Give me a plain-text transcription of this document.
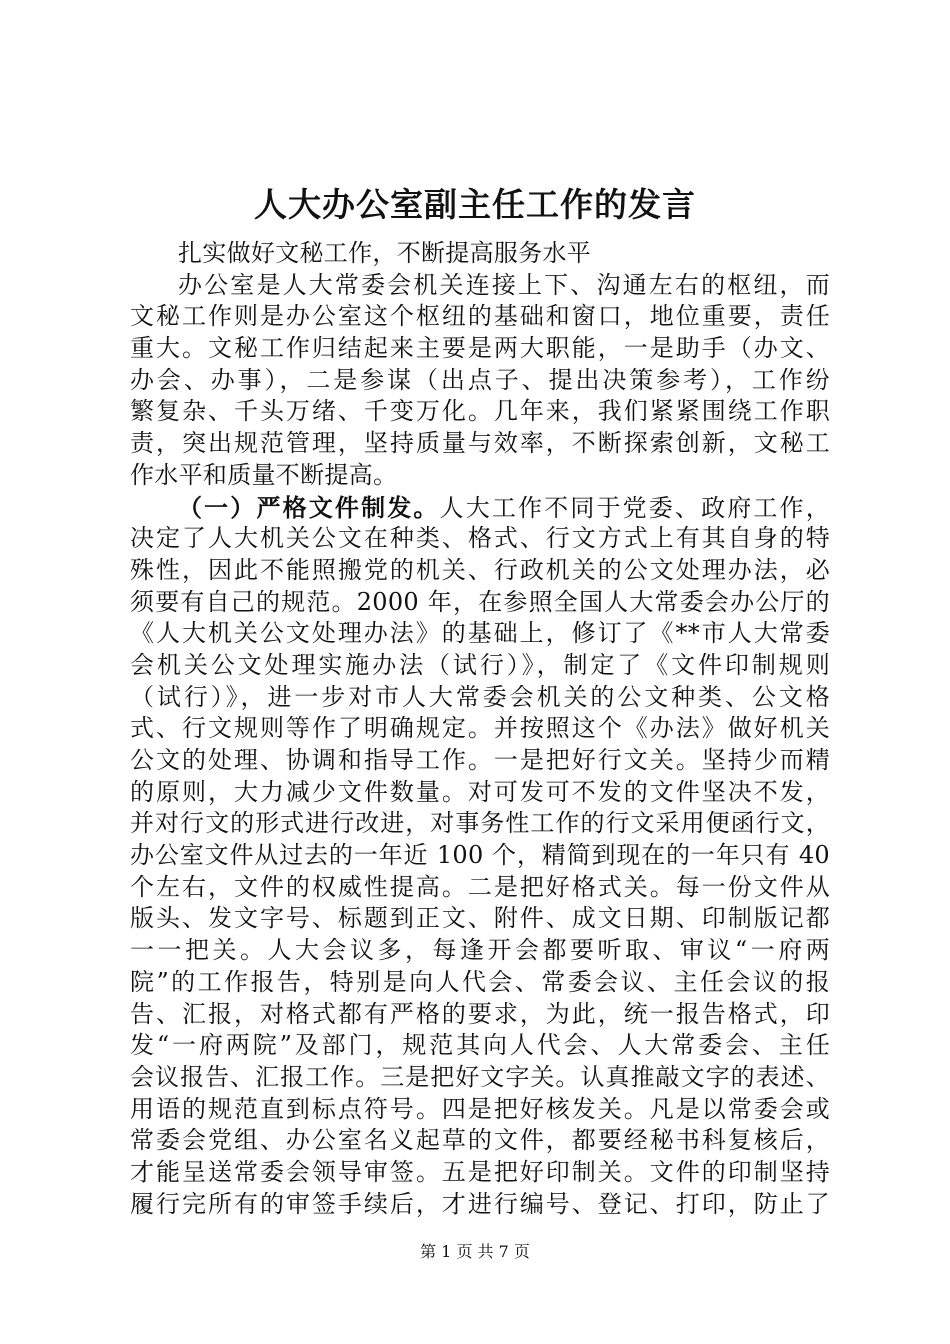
人大办公室副主任工作的发言

扎实做好文秘工作，不断提高服务水平

办公室是人大常委会机关连接上下、沟通左右的枢纽，而
文秘工作则是办公室这个枢纽的基础和窗口，地位重要，责任
重大。文秘工作归结起来主要是两大职能，一是助手（办文、
办会、办事），二是参谋（出点子、提出决策参考），工作纷
繁复杂、千头万绪、千变万化。几年来，我们紧紧围绕工作职
责，突出规范管理，坚持质量与效率，不断探索创新，文秘工
作水平和质量不断提高。

（一）严格文件制发。人大工作不同于党委、政府工作，
决定了人大机关公文在种类、格式、行文方式上有其自身的特
殊性，因此不能照搬党的机关、行政机关的公文处理办法，必
须要有自己的规范。2000 年，在参照全国人大常委会办公厅的
《人大机关公文处理办法》的基础上，修订了《**市人大常委
会机关公文处理实施办法（试行）》，制定了《文件印制规则
（试行）》，进一步对市人大常委会机关的公文种类、公文格
式、行文规则等作了明确规定。并按照这个《办法》做好机关
公文的处理、协调和指导工作。一是把好行文关。坚持少而精
的原则，大力减少文件数量。对可发可不发的文件坚决不发，
并对行文的形式进行改进，对事务性工作的行文采用便函行文，
办公室文件从过去的一年近 100 个，精简到现在的一年只有 40
个左右，文件的权威性提高。二是把好格式关。每一份文件从
版头、发文字号、标题到正文、附件、成文日期、印制版记都
一一把关。人大会议多，每逢开会都要听取、审议“一府两
院”的工作报告，特别是向人代会、常委会议、主任会议的报
告、汇报，对格式都有严格的要求，为此，统一报告格式，印
发“一府两院”及部门，规范其向人代会、人大常委会、主任
会议报告、汇报工作。三是把好文字关。认真推敲文字的表述、
用语的规范直到标点符号。四是把好核发关。凡是以常委会或
常委会党组、办公室名义起草的文件，都要经秘书科复核后，
才能呈送常委会领导审签。五是把好印制关。文件的印制坚持
履行完所有的审签手续后，才进行编号、登记、打印，防止了

第 1 页 共 7 页
